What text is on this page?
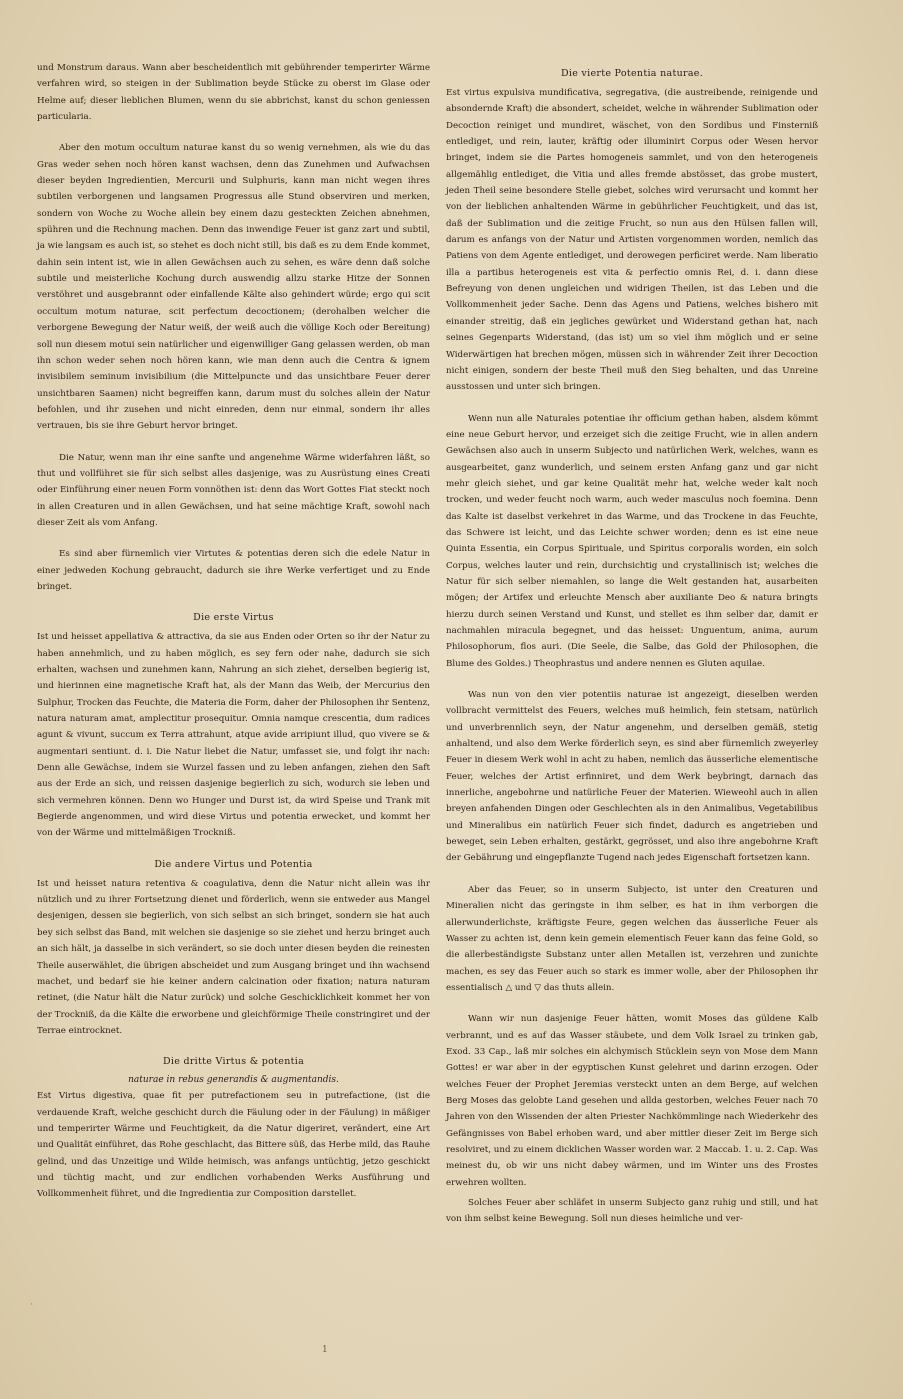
und Monstrum daraus. Wann aber bescheidentlich mit gebührender temperirter Wärme verfahren wird, so steigen in der Sublimation beyde Stücke zu oberst im Glase oder Helme auf; dieser lieblichen Blumen, wenn du sie abbrichst, kanst du schon geniessen particularia.

Aber den motum occultum naturae kanst du so wenig vernehmen, als wie du das Gras weder sehen noch hören kanst wachsen, denn das Zunehmen und Aufwachsen dieser beyden Ingredientien, Mercurii und Sulphuris, kann man nicht wegen ihres subtilen verborgenen und langsamen Progressus alle Stund observiren und merken, sondern von Woche zu Woche allein bey einem dazu gesteckten Zeichen abnehmen, spühren und die Rechnung machen. Denn das inwendige Feuer ist ganz zart und subtil, ja wie langsam es auch ist, so stehet es doch nicht still, bis daß es zu dem Ende kommet, dahin sein intent ist, wie in allen Gewächsen auch zu sehen, es wäre denn daß solche subtile und meisterliche Kochung durch auswendig allzu starke Hitze der Sonnen verstöhret und ausgebrannt oder einfallende Kälte also gehindert würde; ergo qui scit occultum motum naturae, scit perfectum decoctionem; (derohalben welcher die verborgene Bewegung der Natur weiß, der weiß auch die völlige Koch oder Bereitung) soll nun diesem motui sein natürlicher und eigenwilliger Gang gelassen werden, ob man ihn schon weder sehen noch hören kann, wie man denn auch die Centra & ignem invisibilem seminum invisibilium (die Mittelpuncte und das unsichtbare Feuer derer unsichtbaren Saamen) nicht begreiffen kann, darum must du solches allein der Natur befohlen, und ihr zusehen und nicht einreden, denn nur einmal, sondern ihr alles vertrauen, bis sie ihre Geburt hervor bringet.

Die Natur, wenn man ihr eine sanfte und angenehme Wärme widerfahren läßt, so thut und vollführet sie für sich selbst alles dasjenige, was zu Ausrüstung eines Creati oder Einführung einer neuen Form vonnöthen ist: denn das Wort Gottes Fiat steckt noch in allen Creaturen und in allen Gewächsen, und hat seine mächtige Kraft, sowohl nach dieser Zeit als vom Anfang.

Es sind aber fürnemlich vier Virtutes & potentias deren sich die edele Natur in einer jedweden Kochung gebraucht, dadurch sie ihre Werke verfertiget und zu Ende bringet.

Die erste Virtus

Ist und heisset appellativa & attractiva, da sie aus Enden oder Orten so ihr der Natur zu haben annehmlich, und zu haben möglich, es sey fern oder nahe, dadurch sie sich erhalten, wachsen und zunehmen kann, Nahrung an sich ziehet, derselben begierig ist, und hierinnen eine magnetische Kraft hat, als der Mann das Weib, der Mercurius den Sulphur, Trocken das Feuchte, die Materia die Form, daher der Philosophen ihr Sentenz, natura naturam amat, amplectitur prosequitur. Omnia namque crescentia, dum radices agunt & vivunt, succum ex Terra attrahunt, atque avide arripiunt illud, quo vivere se & augmentari sentiunt. d. i. Die Natur liebet die Natur, umfasset sie, und folgt ihr nach: Denn alle Gewächse, indem sie Wurzel fassen und zu leben anfangen, ziehen den Saft aus der Erde an sich, und reissen dasjenige begierlich zu sich, wodurch sie leben und sich vermehren können. Denn wo Hunger und Durst ist, da wird Speise und Trank mit Begierde angenommen, und wird diese Virtus und potentia erwecket, und kommt her von der Wärme und mittelmäßigen Trockniß.

Die andere Virtus und Potentia

Ist und heisset natura retentiva & coagulativa, denn die Natur nicht allein was ihr nützlich und zu ihrer Fortsetzung dienet und förderlich, wenn sie entweder aus Mangel desjenigen, dessen sie begierlich, von sich selbst an sich bringet, sondern sie hat auch bey sich selbst das Band, mit welchen sie dasjenige so sie ziehet und herzu bringet auch an sich hält, ja dasselbe in sich verändert, so sie doch unter diesen beyden die reinesten Theile auserwählet, die übrigen abscheidet und zum Ausgang bringet und ihn wachsend machet, und bedarf sie hie keiner andern calcination oder fixation; natura naturam retinet, (die Natur hält die Natur zurück) und solche Geschicklichkeit kommet her von der Trockniß, da die Kälte die erworbene und gleichförmige Theile constringiret und der Terrae eintrocknet.

Die dritte Virtus & potentia
naturae in rebus generandis & augmentandis.

Est Virtus digestiva, quae fit per putrefactionem seu in putrefactione, (ist die verdauende Kraft, welche geschicht durch die Fäulung oder in der Fäulung) in mäßiger und temperirter Wärme und Feuchtigkeit, da die Natur digeriret, verändert, eine Art und Qualität einführet, das Rohe geschlacht, das Bittere süß, das Herbe mild, das Rauhe gelind, und das Unzeitige und Wilde heimisch, was anfangs untüchtig, jetzo geschickt und tüchtig macht, und zur endlichen vorhabenden Werks Ausführung und Vollkommenheit führet, und die Ingredientia zur Composition darstellet.

Die vierte Potentia naturae.

Est virtus expulsiva mundificativa, segregativa, (die austreibende, reinigende und absondernde Kraft) die absondert, scheidet, welche in währender Sublimation oder Decoction reiniget und mundiret, wäschet, von den Sordibus und Finsterniß entlediget, und rein, lauter, kräftig oder illuminirt Corpus oder Wesen hervor bringet, indem sie die Partes homogeneis sammlet, und von den heterogeneis allgemählig entlediget, die Vitia und alles fremde abstösset, das grobe mustert, jeden Theil seine besondere Stelle giebet, solches wird verursacht und kommt her von der lieblichen anhaltenden Wärme in gebührlicher Feuchtigkeit, und das ist, daß der Sublimation und die zeitige Frucht, so nun aus den Hülsen fallen will, darum es anfangs von der Natur und Artisten vorgenommen worden, nemlich das Patiens von dem Agente entlediget, und derowegen perficiret werde. Nam liberatio illa a partibus heterogeneis est vita & perfectio omnis Rei, d. i. dann diese Befreyung von denen ungleichen und widrigen Theilen, ist das Leben und die Vollkommenheit jeder Sache. Denn das Agens und Patiens, welches bishero mit einander streitig, daß ein jegliches gewürket und Widerstand gethan hat, nach seines Gegenparts Widerstand, (das ist) um so viel ihm möglich und er seine Widerwärtigen hat brechen mögen, müssen sich in währender Zeit ihrer Decoction nicht einigen, sondern der beste Theil muß den Sieg behalten, und das Unreine ausstossen und unter sich bringen.

Wenn nun alle Naturales potentiae ihr officium gethan haben, alsdem kömmt eine neue Geburt hervor, und erzeiget sich die zeitige Frucht, wie in allen andern Gewächsen also auch in unserm Subjecto und natürlichen Werk, welches, wann es ausgearbeitet, ganz wunderlich, und seinem ersten Anfang ganz und gar nicht mehr gleich siehet, und gar keine Qualität mehr hat, welche weder kalt noch trocken, und weder feucht noch warm, auch weder masculus noch foemina. Denn das Kalte ist daselbst verkehret in das Warme, und das Trockene in das Feuchte, das Schwere ist leicht, und das Leichte schwer worden; denn es ist eine neue Quinta Essentia, ein Corpus Spirituale, und Spiritus corporalis worden, ein solch Corpus, welches lauter und rein, durchsichtig und crystallinisch ist; welches die Natur für sich selber niemahlen, so lange die Welt gestanden hat, ausarbeiten mögen; der Artifex und erleuchte Mensch aber auxiliante Deo & natura bringts hierzu durch seinen Verstand und Kunst, und stellet es ihm selber dar, damit er nachmahlen miracula begegnet, und das heisset: Unguentum, anima, aurum Philosophorum, flos auri. (Die Seele, die Salbe, das Gold der Philosophen, die Blume des Goldes.) Theophrastus und andere nennen es Gluten aquilae.

Was nun von den vier potentiis naturae ist angezeigt, dieselben werden vollbracht vermittelst des Feuers, welches muß heimlich, fein stetsam, natürlich und unverbrennlich seyn, der Natur angenehm, und derselben gemäß, stetig anhaltend, und also dem Werke förderlich seyn, es sind aber fürnemlich zweyerley Feuer in diesem Werk wohl in acht zu haben, nemlich das äusserliche elementische Feuer, welches der Artist erfinniret, und dem Werk beybringt, darnach das innerliche, angebohrne und natürliche Feuer der Materien. Wieweohl auch in allen breyen anfahenden Dingen oder Geschlechten als in den Animalibus, Vegetabilibus und Mineralibus ein natürlich Feuer sich findet, dadurch es angetrieben und beweget, sein Leben erhalten, gestärkt, gegrösset, und also ihre angebohrne Kraft der Gebährung und eingepflanzte Tugend nach jedes Eigenschaft fortsetzen kann.

Aber das Feuer, so in unserm Subjecto, ist unter den Creaturen und Mineralien nicht das geringste in ihm selber, es hat in ihm verborgen die allerwunderlichste, kräftigste Feure, gegen welchen das äusserliche Feuer als Wasser zu achten ist, denn kein gemein elementisch Feuer kann das feine Gold, so die allerbeständigste Substanz unter allen Metallen ist, verzehren und zunichte machen, es sey das Feuer auch so stark es immer wolle, aber der Philosophen ihr essentialisch △ und ▽ das thuts allein.

Wann wir nun dasjenige Feuer hätten, womit Moses das güldene Kalb verbrannt, und es auf das Wasser stäubete, und dem Volk Israel zu trinken gab, Exod. 33 Cap., laß mir solches ein alchymisch Stücklein seyn von Mose dem Mann Gottes! er war aber in der egyptischen Kunst gelehret und darinn erzogen. Oder welches Feuer der Prophet Jeremias versteckt unten an dem Berge, auf welchen Berg Moses das gelobte Land gesehen und allda gestorben, welches Feuer nach 70 Jahren von den Wissenden der alten Priester Nachkömmlinge nach Wiederkehr des Gefängnisses von Babel erhoben ward, und aber mittler dieser Zeit im Berge sich resolviret, und zu einem dicklichen Wasser worden war. 2 Maccab. 1. u. 2. Cap. Was meinest du, ob wir uns nicht dabey wärmen, und im Winter uns des Frostes erwehren wollten.

Solches Feuer aber schläfet in unserm Subjecto ganz ruhig und still, und hat von ihm selbst keine Bewegung. Soll nun dieses heimliche und ver-

1
·
